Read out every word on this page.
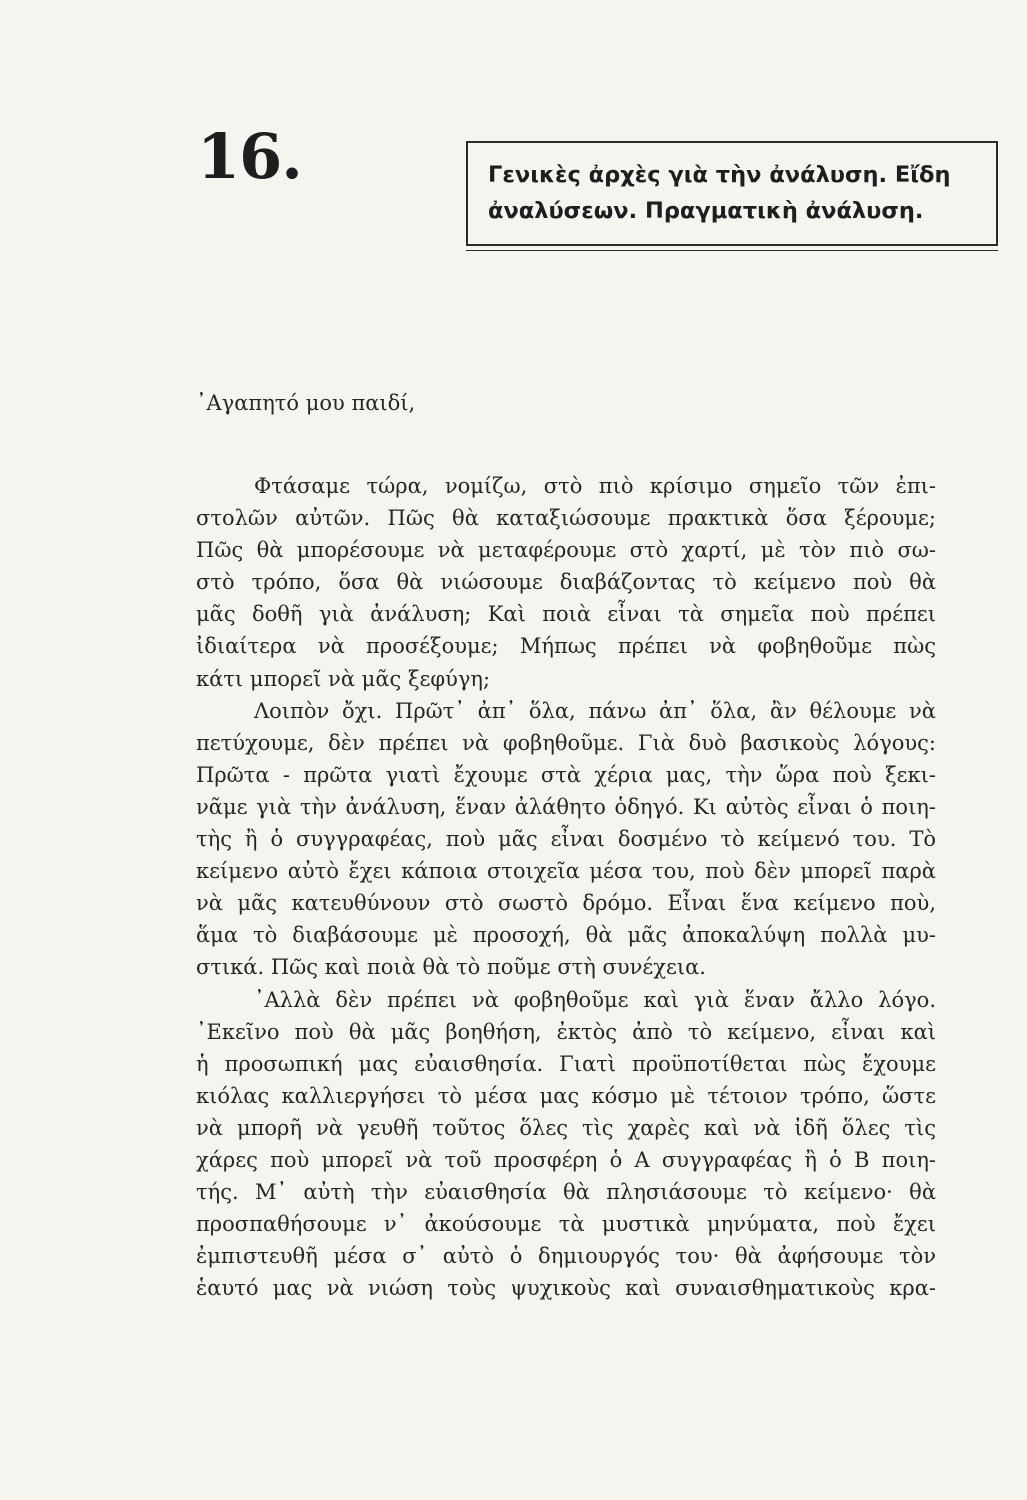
16.	Γενικὲς ἀρχὲς γιὰ τὴν ἀνάλυση. Εἴδη
ἀναλύσεων. Πραγματικὴ ἀνάλυση.
᾿Αγαπητό μου παιδί,
Φτάσαμε τώρα, νομίζω, στὸ πιὸ κρίσιμο σημεῖο τῶν ἐπι-
στολῶν αὐτῶν. Πῶς θὰ καταξιώσουμε πρακτικὰ ὅσα ξέρουμε;
Πῶς θὰ μπορέσουμε νὰ μεταφέρουμε στὸ χαρτί, μὲ τὸν πιὸ σω-
στὸ τρόπο, ὅσα θὰ νιώσουμε διαβάζοντας τὸ κείμενο ποὺ θὰ
μᾶς δοθῆ γιὰ ἀνάλυση; Καὶ ποιὰ εἶναι τὰ σημεῖα ποὺ πρέπει
ἰδιαίτερα νὰ προσέξουμε; Μήπως πρέπει νὰ φοβηθοῦμε πὼς
κάτι μπορεῖ νὰ μᾶς ξεφύγη;
Λοιπὸν ὄχι. Πρῶτ᾿ ἀπ᾿ ὅλα, πάνω ἀπ᾿ ὅλα, ἂν θέλουμε νὰ
πετύχουμε, δὲν πρέπει νὰ φοβηθοῦμε. Γιὰ δυὸ βασικοὺς λόγους:
Πρῶτα - πρῶτα γιατὶ ἔχουμε στὰ χέρια μας, τὴν ὥρα ποὺ ξεκι-
νᾶμε γιὰ τὴν ἀνάλυση, ἕναν ἀλάθητο ὁδηγό. Κι αὐτὸς εἶναι ὁ ποιη-
τὴς ἢ ὁ συγγραφέας, ποὺ μᾶς εἶναι δοσμένο τὸ κείμενό του. Τὸ
κείμενο αὐτὸ ἔχει κάποια στοιχεῖα μέσα του, ποὺ δὲν μπορεῖ παρὰ
νὰ μᾶς κατευθύνουν στὸ σωστὸ δρόμο. Εἶναι ἕνα κείμενο ποὺ,
ἅμα τὸ διαβάσουμε μὲ προσοχή, θὰ μᾶς ἀποκαλύψη πολλὰ μυ-
στικά. Πῶς καὶ ποιὰ θὰ τὸ ποῦμε στὴ συνέχεια.
᾿Αλλὰ δὲν πρέπει νὰ φοβηθοῦμε καὶ γιὰ ἕναν ἄλλο λόγο.
᾿Εκεῖνο ποὺ θὰ μᾶς βοηθήση, ἐκτὸς ἀπὸ τὸ κείμενο, εἶναι καὶ
ἡ προσωπική μας εὐαισθησία. Γιατὶ προϋποτίθεται πὼς ἔχουμε
κιόλας καλλιεργήσει τὸ μέσα μας κόσμο μὲ τέτοιον τρόπο, ὥστε
νὰ μπορῆ νὰ γευθῆ τοῦτος ὅλες τὶς χαρὲς καὶ νὰ ἰδῆ ὅλες τὶς
χάρες ποὺ μπορεῖ νὰ τοῦ προσφέρη ὁ Α συγγραφέας ἢ ὁ Β ποιη-
τής. Μ᾿ αὐτὴ τὴν εὐαισθησία θὰ πλησιάσουμε τὸ κείμενο· θὰ
προσπαθήσουμε ν᾿ ἀκούσουμε τὰ μυστικὰ μηνύματα, ποὺ ἔχει
ἐμπιστευθῆ μέσα σ᾿ αὐτὸ ὁ δημιουργός του· θὰ ἀφήσουμε τὸν
ἑαυτό μας νὰ νιώση τοὺς ψυχικοὺς καὶ συναισθηματικοὺς κρα-
